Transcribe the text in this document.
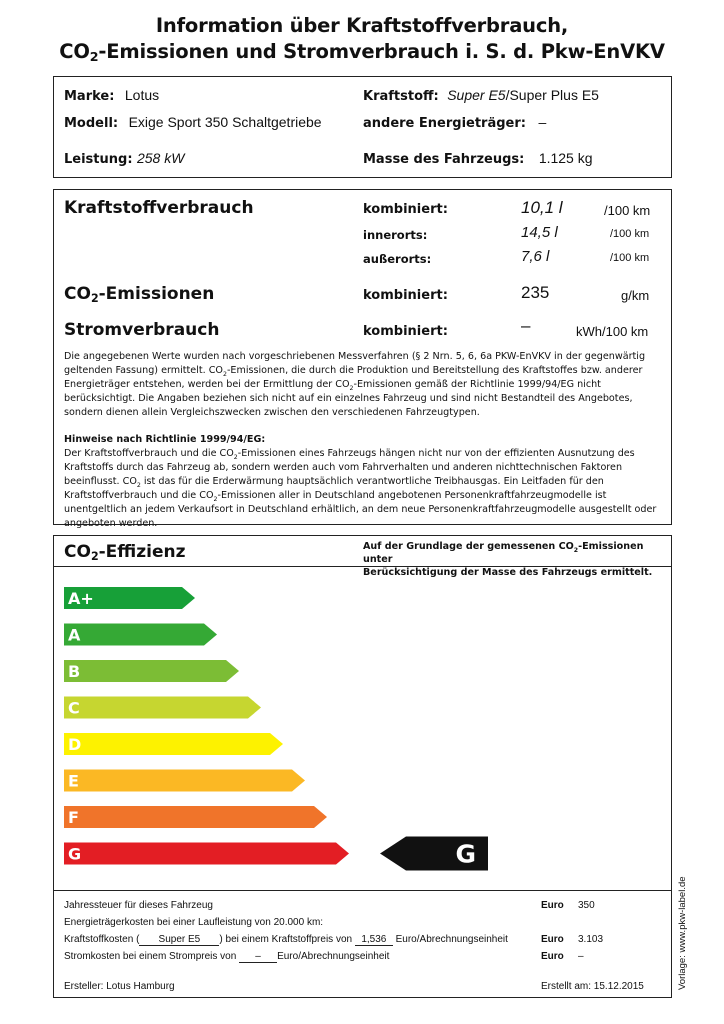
Information über Kraftstoffverbrauch,
$CO_2$-Emissionen und Stromverbrauch i. S. d. Pkw-EnVKV
Marke: Lotus
Modell: Exige Sport 350 Schaltgetriebe
Leistung: 258 kW
Kraftstoff: Super E5/Super Plus E5
andere Energieträger: –
Masse des Fahrzeugs: 1.125 kg
Kraftstoffverbrauch	kombiniert:	10,1 l	/100 km
innerorts:	14,5 l	/100 km
außerorts:	7,6 l	/100 km
$CO_2$-Emissionen	kombiniert:	235	g/km
Stromverbrauch	kombiniert:	–	kWh/100 km

Die angegebenen Werte wurden nach vorgeschriebenen Messverfahren (§ 2 Nrn. 5, 6, 6a PKW-EnVKV in der gegenwärtig geltenden Fassung) ermittelt. $CO_2$-Emissionen, die durch die Produktion und Bereitstellung des Kraftstoffes bzw. anderer Energieträger entstehen, werden bei der Ermittlung der $CO_2$-Emissionen gemäß der Richtlinie 1999/94/EG nicht berücksichtigt. Die Angaben beziehen sich nicht auf ein einzelnes Fahrzeug und sind nicht Bestandteil des Angebotes, sondern dienen allein Vergleichszwecken zwischen den verschiedenen Fahrzeugtypen.

Hinweise nach Richtlinie 1999/94/EG:

Der Kraftstoffverbrauch und die $CO_2$-Emissionen eines Fahrzeugs hängen nicht nur von der effizienten Ausnutzung des Kraftstoffs durch das Fahrzeug ab, sondern werden auch vom Fahrverhalten und anderen nichttechnischen Faktoren beeinflusst. $CO_2$ ist das für die Erderwärmung hauptsächlich verantwortliche Treibhausgas. Ein Leitfaden für den Kraftstoffverbrauch und die $CO_2$-Emissionen aller in Deutschland angebotenen Personenkraftfahrzeugmodelle ist unentgeltlich an jedem Verkaufsort in Deutschland erhältlich, an dem neue Personenkraftfahrzeugmodelle ausgestellt oder angeboten werden.

$CO_2$-Effizienz	Auf der Grundlage der gemessenen $CO_2$-Emissionen unter
Berücksichtigung der Masse des Fahrzeugs ermittelt.
A+
A
B
C
D
E
F
G	G
Jahressteuer für dieses Fahrzeug	Euro 350
Energieträgerkosten bei einer Laufleistung von 20.000 km:
Kraftstoffkosten ( Super E5 ) bei einem Kraftstoffpreis von 1,536 Euro/Abrechnungseinheit	Euro 3.103
Stromkosten bei einem Strompreis von – Euro/Abrechnungseinheit	Euro –
Ersteller: Lotus Hamburg	Erstellt am: 15.12.2015	Vorlage: www.pkw-label.de
